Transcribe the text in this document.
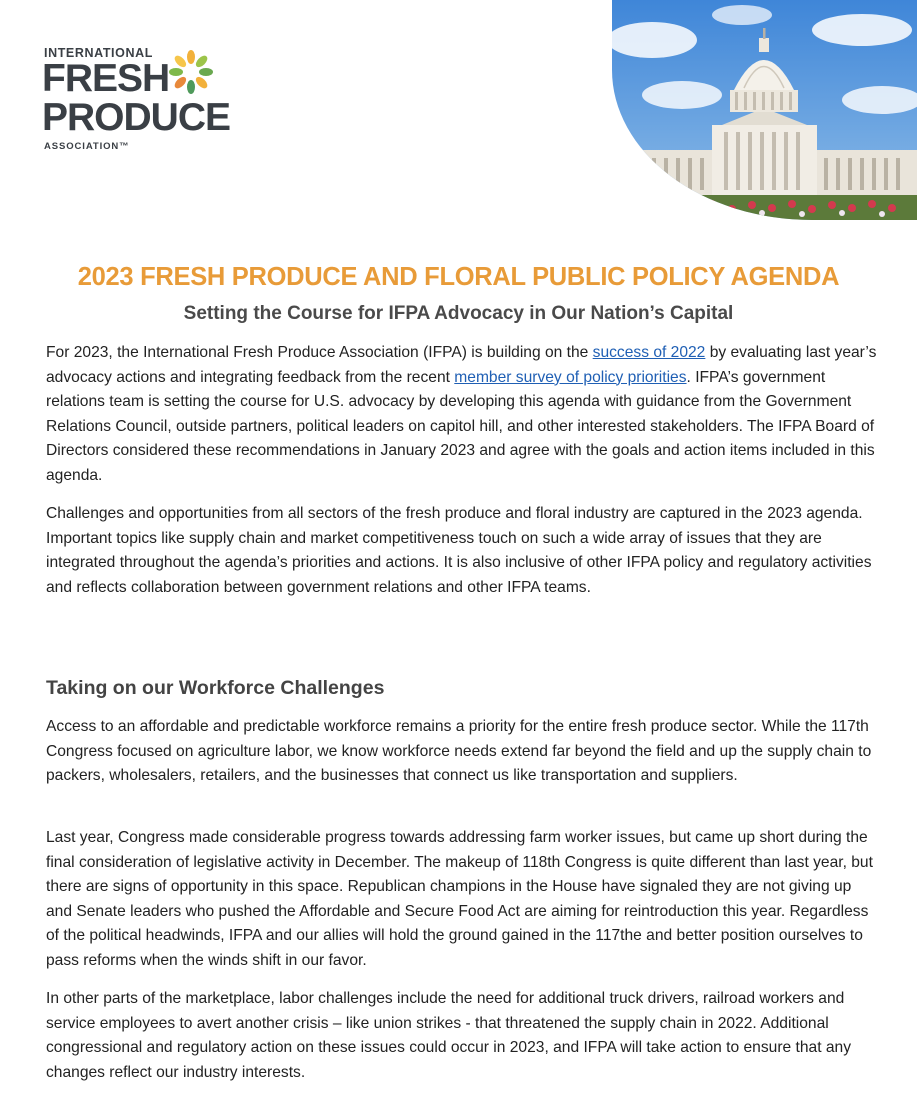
INTERNATIONAL
FRESH
PRODUCE
ASSOCIATION™
2023 FRESH PRODUCE AND FLORAL PUBLIC POLICY AGENDA
Setting the Course for IFPA Advocacy in Our Nation’s Capital

For 2023, the International Fresh Produce Association (IFPA) is building on the success of 2022 by evaluating last year’s advocacy actions and integrating feedback from the recent member survey of policy priorities. IFPA’s government relations team is setting the course for U.S. advocacy by developing this agenda with guidance from the Government Relations Council, outside partners, political leaders on capitol hill, and other interested stakeholders. The IFPA Board of Directors considered these recommendations in January 2023 and agree with the goals and action items included in this agenda.

Challenges and opportunities from all sectors of the fresh produce and floral industry are captured in the 2023 agenda. Important topics like supply chain and market competitiveness touch on such a wide array of issues that they are integrated throughout the agenda’s priorities and actions. It is also inclusive of other IFPA policy and regulatory activities and reflects collaboration between government relations and other IFPA teams.

Taking on our Workforce Challenges

Access to an affordable and predictable workforce remains a priority for the entire fresh produce sector. While the 117th Congress focused on agriculture labor, we know workforce needs extend far beyond the field and up the supply chain to packers, wholesalers, retailers, and the businesses that connect us like transportation and suppliers.

Last year, Congress made considerable progress towards addressing farm worker issues, but came up short during the final consideration of legislative activity in December. The makeup of 118th Congress is quite different than last year, but there are signs of opportunity in this space. Republican champions in the House have signaled they are not giving up and Senate leaders who pushed the Affordable and Secure Food Act are aiming for reintroduction this year. Regardless of the political headwinds, IFPA and our allies will hold the ground gained in the 117the and better position ourselves to pass reforms when the winds shift in our favor.

In other parts of the marketplace, labor challenges include the need for additional truck drivers, railroad workers and service employees to avert another crisis – like union strikes - that threatened the supply chain in 2022. Additional congressional and regulatory action on these issues could occur in 2023, and IFPA will take action to ensure that any changes reflect our industry interests.
